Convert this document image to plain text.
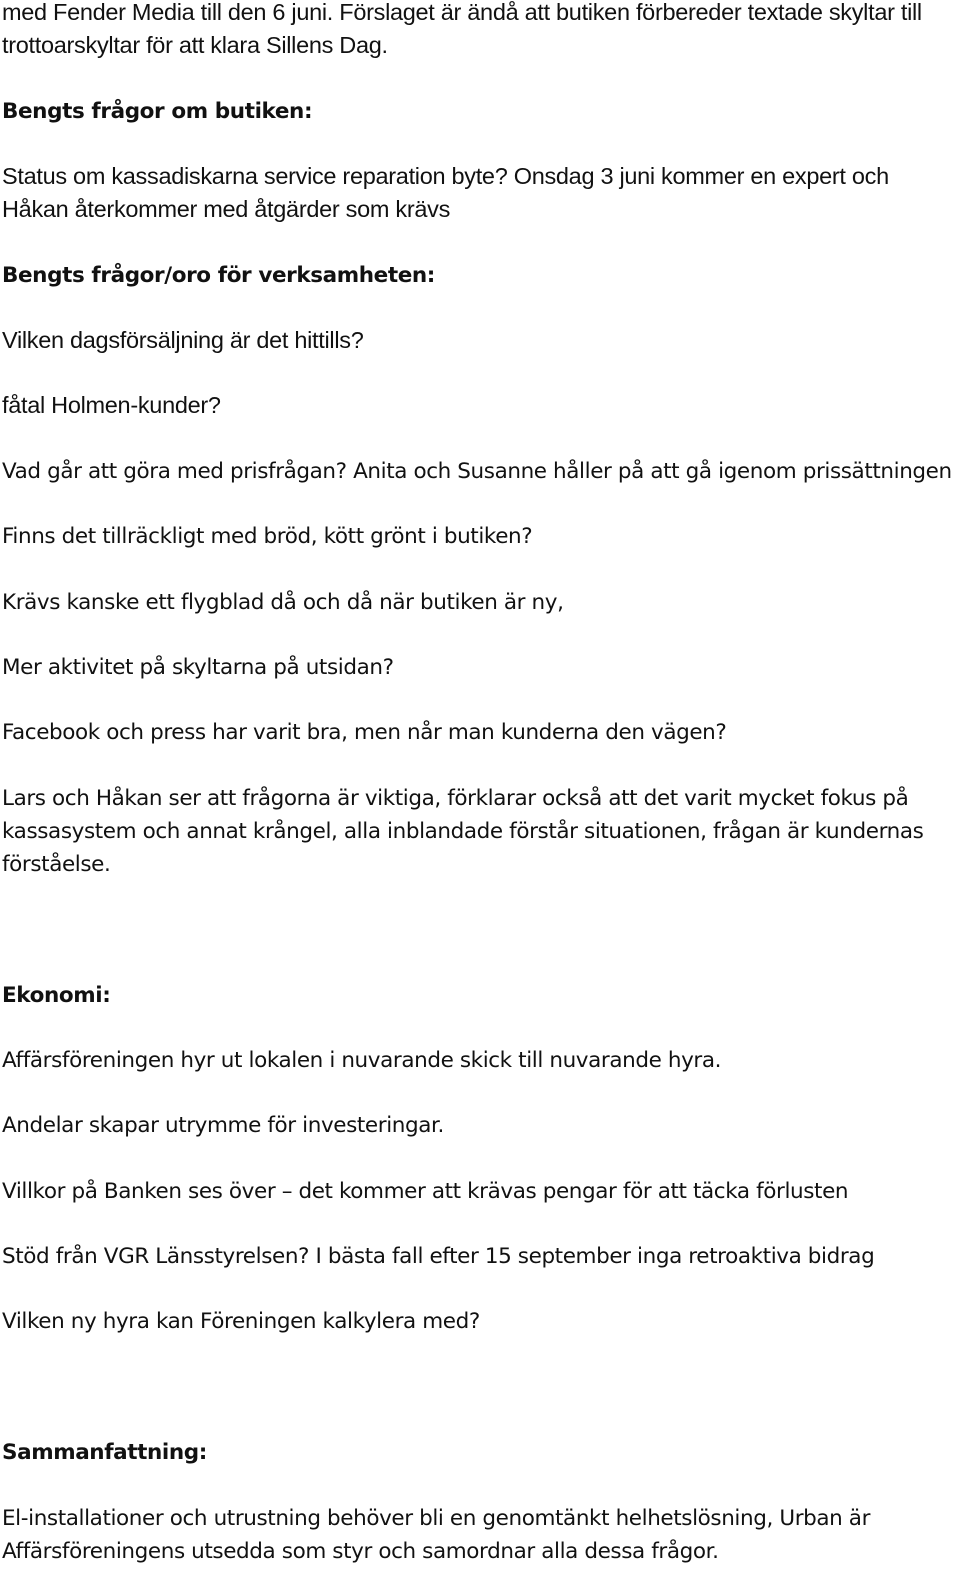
med Fender Media till den 6 juni. Förslaget är ändå att butiken förbereder textade skyltar till
trottoarskyltar för att klara Sillens Dag.
Bengts frågor om butiken:
Status om kassadiskarna service reparation byte? Onsdag 3 juni kommer en expert och
Håkan återkommer med åtgärder som krävs
Bengts frågor/oro för verksamheten:
Vilken dagsförsäljning är det hittills?
fåtal Holmen-kunder?
Vad går att göra med prisfrågan? Anita och Susanne håller på att gå igenom prissättningen
Finns det tillräckligt med bröd, kött grönt i butiken?
Krävs kanske ett flygblad då och då när butiken är ny,
Mer aktivitet på skyltarna på utsidan?
Facebook och press har varit bra, men når man kunderna den vägen?
Lars och Håkan ser att frågorna är viktiga, förklarar också att det varit mycket fokus på
kassasystem och annat krångel, alla inblandade förstår situationen, frågan är kundernas
förståelse.
Ekonomi:
Affärsföreningen hyr ut lokalen i nuvarande skick till nuvarande hyra.
Andelar skapar utrymme för investeringar.
Villkor på Banken ses över – det kommer att krävas pengar för att täcka förlusten
Stöd från VGR Länsstyrelsen? I bästa fall efter 15 september inga retroaktiva bidrag
Vilken ny hyra kan Föreningen kalkylera med?
Sammanfattning:
El-installationer och utrustning behöver bli en genomtänkt helhetslösning, Urban är
Affärsföreningens utsedda som styr och samordnar alla dessa frågor.
